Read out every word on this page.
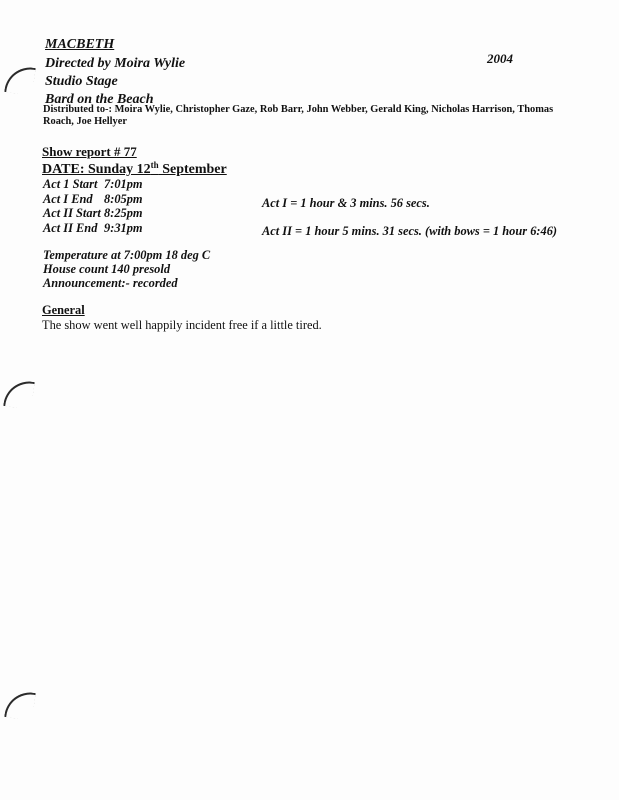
MACBETH
2004
Directed by Moira Wylie
Studio Stage
Bard on the Beach
Distributed to-: Moira Wylie, Christopher Gaze, Rob Barr, John Webber, Gerald King, Nicholas Harrison, Thomas Roach, Joe Hellyer
Show report # 77
DATE: Sunday 12th September
Act 1 Start	7:01pm
Act I End	8:05pm
Act II Start	8:25pm
Act II End	9:31pm
Act I = 1 hour & 3 mins. 56 secs.
Act II = 1 hour 5 mins. 31 secs. (with bows = 1 hour 6:46)
Temperature at 7:00pm 18 deg C
House count 140 presold
Announcement:- recorded
General
The show went well happily incident free if a little tired.
